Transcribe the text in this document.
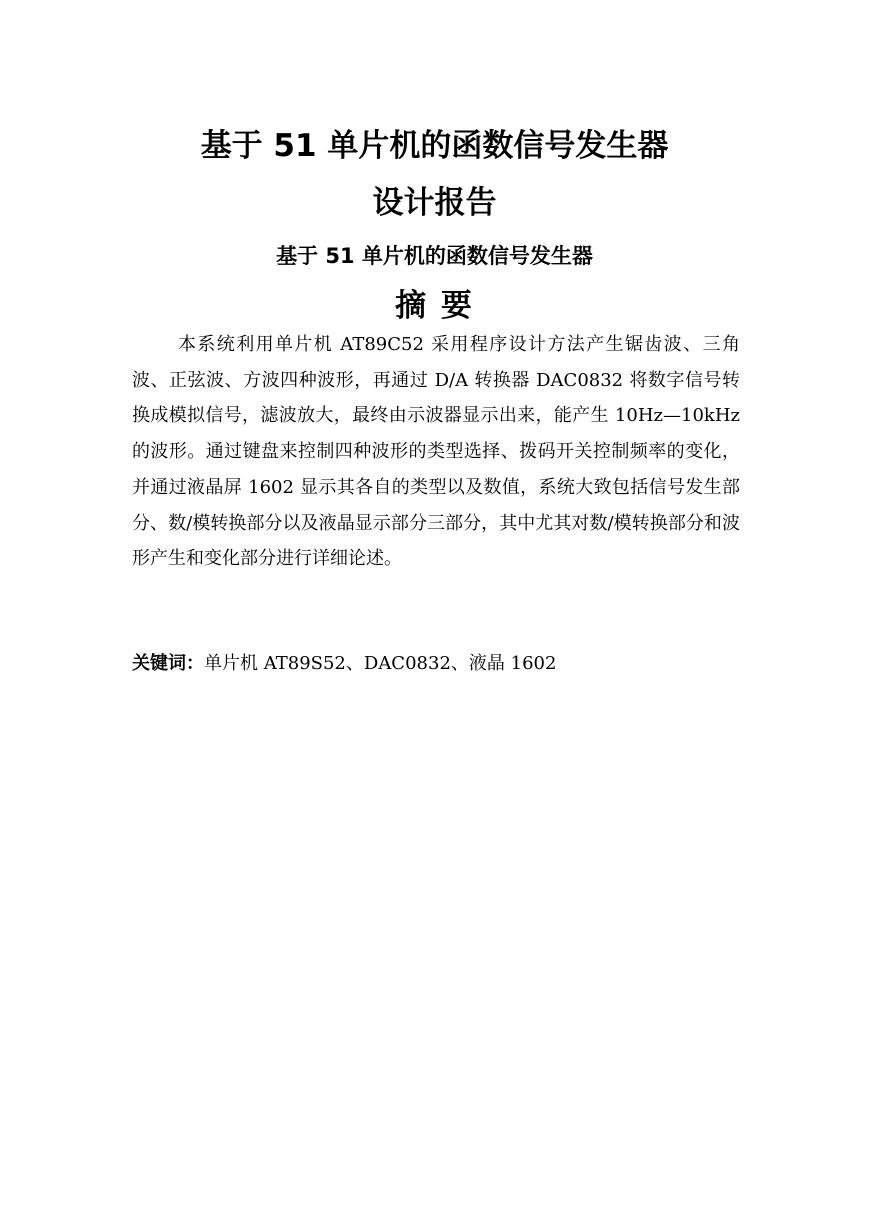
基于 51 单片机的函数信号发生器
设计报告
基于 51 单片机的函数信号发生器
摘 要

本系统利用单片机 AT89C52 采用程序设计方法产生锯齿波、三角波、正弦波、方波四种波形，再通过 D/A 转换器 DAC0832 将数字信号转换成模拟信号，滤波放大，最终由示波器显示出来，能产生 10Hz—10kHz 的波形。通过键盘来控制四种波形的类型选择、拨码开关控制频率的变化，并通过液晶屏 1602 显示其各自的类型以及数值，系统大致包括信号发生部分、数/模转换部分以及液晶显示部分三部分，其中尤其对数/模转换部分和波形产生和变化部分进行详细论述。

关键词：单片机 AT89S52、DAC0832、液晶 1602
